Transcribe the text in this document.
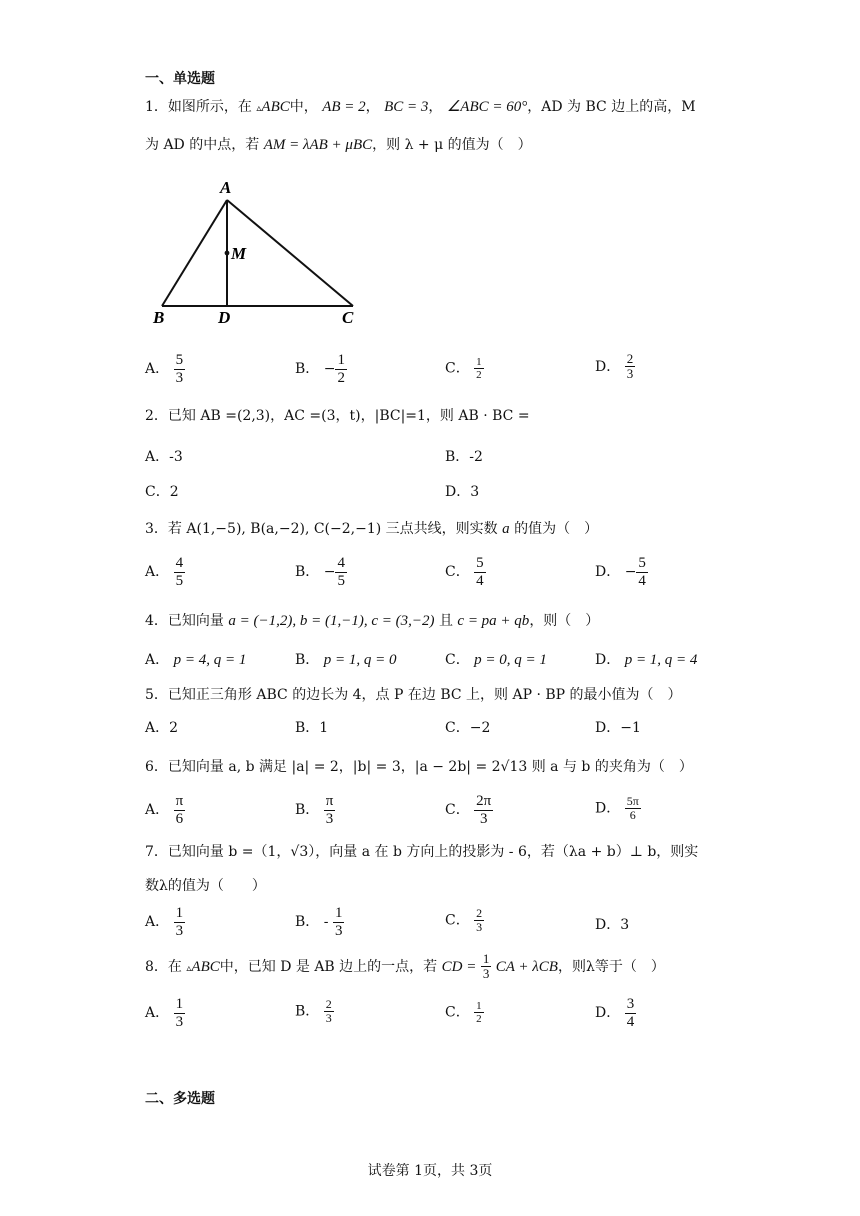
一、单选题
1．如图所示，在 ▵ABC中， AB = 2， BC = 3， ∠ABC = 60°，AD 为 BC 边上的高，M
为 AD 的中点，若 AM = λAB + μBC，则 λ + μ 的值为（　）
A
M
B	D	C
A． $\frac{5}{3}$	B． − $\frac{1}{2}$	C． $\frac{1}{2}$	D． $\frac{2}{3}$
2．已知 AB =(2,3)，AC =(3，t)，|BC|=1，则 AB · BC =
A．-3	B．-2
C．2	D．3
3．若 A(1,−5), B(a,−2), C(−2,−1) 三点共线，则实数 a 的值为（　）
A． $\frac{4}{5}$	B． − $\frac{4}{5}$	C． $\frac{5}{4}$	D． − $\frac{5}{4}$
4．已知向量 a = (−1,2), b = (1,−1), c = (3,−2) 且 c = pa + qb，则（　）
A． p = 4, q = 1	B． p = 1, q = 0	C． p = 0, q = 1	D． p = 1, q = 4
5．已知正三角形 ABC 的边长为 4，点 P 在边 BC 上，则 AP · BP 的最小值为（　）
A．2	B．1	C．−2	D．−1
6．已知向量 a, b 满足 |a| = 2，|b| = 3，|a − 2b| = 2√13 则 a 与 b 的夹角为（　）
A． $\frac{\pi}{6}$	B． $\frac{\pi}{3}$	C． $\frac{2\pi}{3}$	D． $\frac{5\pi}{6}$
7．已知向量 b =（1，√3），向量 a 在 b 方向上的投影为 - 6，若（λa + b）⊥ b，则实
数λ的值为（　　）
A． $\frac{1}{3}$	B． - $\frac{1}{3}$	C． $\frac{2}{3}$	D．3
8．在 ▵ABC中，已知 D 是 AB 边上的一点，若 CD = $\frac{1}{3}$ CA + λCB，则λ等于（　）
A． $\frac{1}{3}$	B． $\frac{2}{3}$	C． $\frac{1}{2}$	D． $\frac{3}{4}$
二、多选题
试卷第 1页，共 3页
